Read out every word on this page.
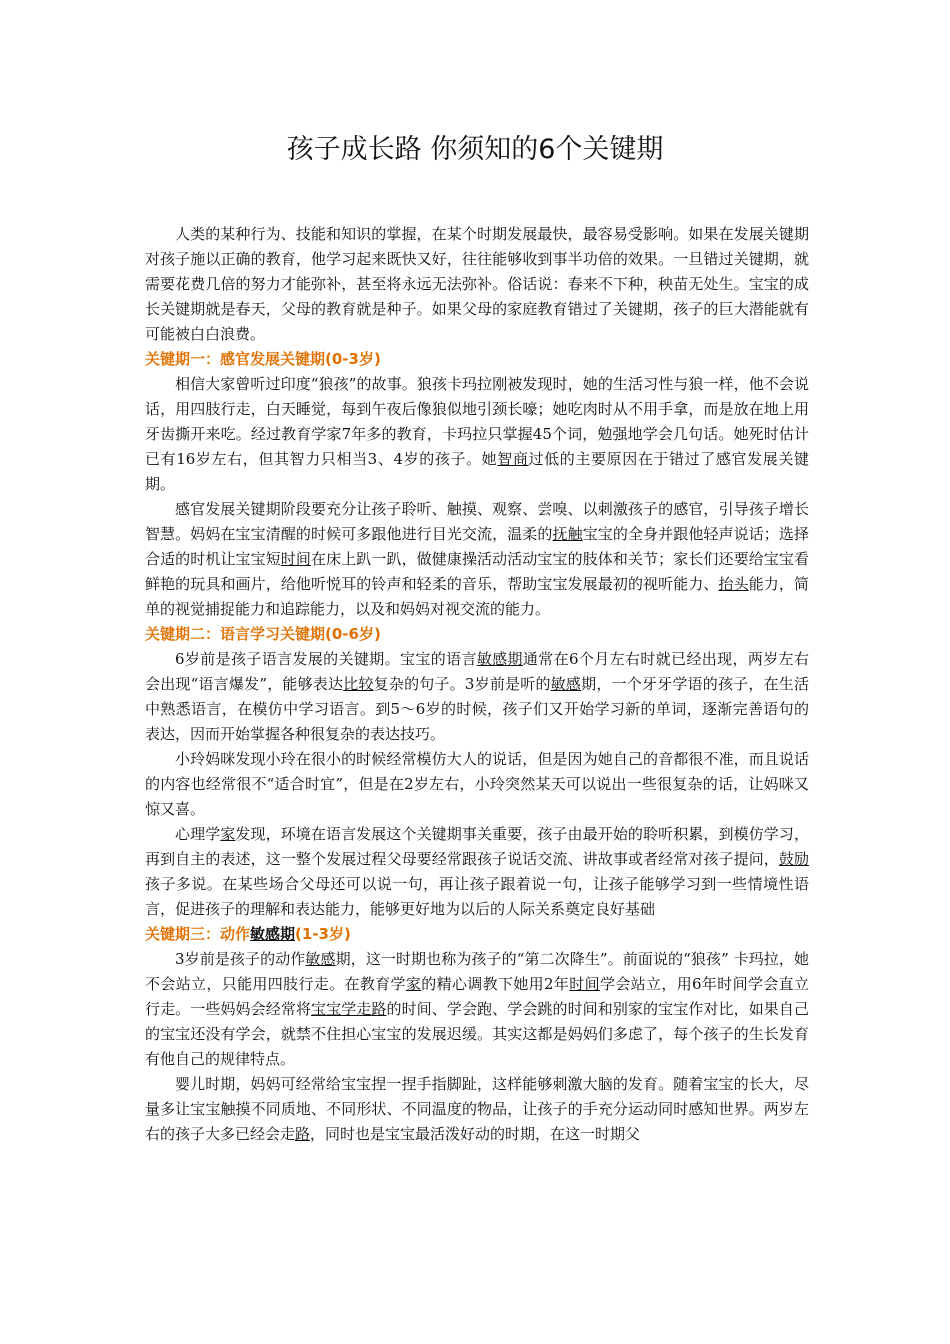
孩子成长路 你须知的6个关键期

人类的某种行为、技能和知识的掌握，在某个时期发展最快，最容易受影响。如果在发展关键期对孩子施以正确的教育，他学习起来既快又好，往往能够收到事半功倍的效果。一旦错过关键期，就需要花费几倍的努力才能弥补，甚至将永远无法弥补。俗话说：春来不下种，秧苗无处生。宝宝的成长关键期就是春天，父母的教育就是种子。如果父母的家庭教育错过了关键期，孩子的巨大潜能就有可能被白白浪费。

关键期一：感官发展关键期(0-3岁)

相信大家曾听过印度“狼孩”的故事。狼孩卡玛拉刚被发现时，她的生活习性与狼一样，他不会说话，用四肢行走，白天睡觉，每到午夜后像狼似地引颈长嚎；她吃肉时从不用手拿，而是放在地上用牙齿撕开来吃。经过教育学家7年多的教育，卡玛拉只掌握45个词，勉强地学会几句话。她死时估计已有16岁左右，但其智力只相当3、4岁的孩子。她智商过低的主要原因在于错过了感官发展关键期。

感官发展关键期阶段要充分让孩子聆听、触摸、观察、尝嗅、以刺激孩子的感官，引导孩子增长智慧。妈妈在宝宝清醒的时候可多跟他进行目光交流，温柔的抚触宝宝的全身并跟他轻声说话；选择合适的时机让宝宝短时间在床上趴一趴，做健康操活动活动宝宝的肢体和关节；家长们还要给宝宝看鲜艳的玩具和画片，给他听悦耳的铃声和轻柔的音乐，帮助宝宝发展最初的视听能力、抬头能力，简单的视觉捕捉能力和追踪能力，以及和妈妈对视交流的能力。

关键期二：语言学习关键期(0-6岁)

6岁前是孩子语言发展的关键期。宝宝的语言敏感期通常在6个月左右时就已经出现，两岁左右会出现“语言爆发”，能够表达比较复杂的句子。3岁前是听的敏感期，一个牙牙学语的孩子，在生活中熟悉语言，在模仿中学习语言。到5～6岁的时候，孩子们又开始学习新的单词，逐渐完善语句的表达，因而开始掌握各种很复杂的表达技巧。

小玲妈咪发现小玲在很小的时候经常模仿大人的说话，但是因为她自己的音都很不准，而且说话的内容也经常很不“适合时宜”，但是在2岁左右，小玲突然某天可以说出一些很复杂的话，让妈咪又惊又喜。

心理学家发现，环境在语言发展这个关键期事关重要，孩子由最开始的聆听积累，到模仿学习，再到自主的表述，这一整个发展过程父母要经常跟孩子说话交流、讲故事或者经常对孩子提问，鼓励孩子多说。在某些场合父母还可以说一句，再让孩子跟着说一句，让孩子能够学习到一些情境性语言，促进孩子的理解和表达能力，能够更好地为以后的人际关系奠定良好基础

关键期三：动作敏感期(1-3岁)

3岁前是孩子的动作敏感期，这一时期也称为孩子的“第二次降生”。前面说的“狼孩” 卡玛拉，她不会站立，只能用四肢行走。在教育学家的精心调教下她用2年时间学会站立，用6年时间学会直立行走。一些妈妈会经常将宝宝学走路的时间、学会跑、学会跳的时间和别家的宝宝作对比，如果自己的宝宝还没有学会，就禁不住担心宝宝的发展迟缓。其实这都是妈妈们多虑了，每个孩子的生长发育有他自己的规律特点。

婴儿时期，妈妈可经常给宝宝捏一捏手指脚趾，这样能够刺激大脑的发育。随着宝宝的长大，尽量多让宝宝触摸不同质地、不同形状、不同温度的物品，让孩子的手充分运动同时感知世界。两岁左右的孩子大多已经会走路，同时也是宝宝最活泼好动的时期，在这一时期父
